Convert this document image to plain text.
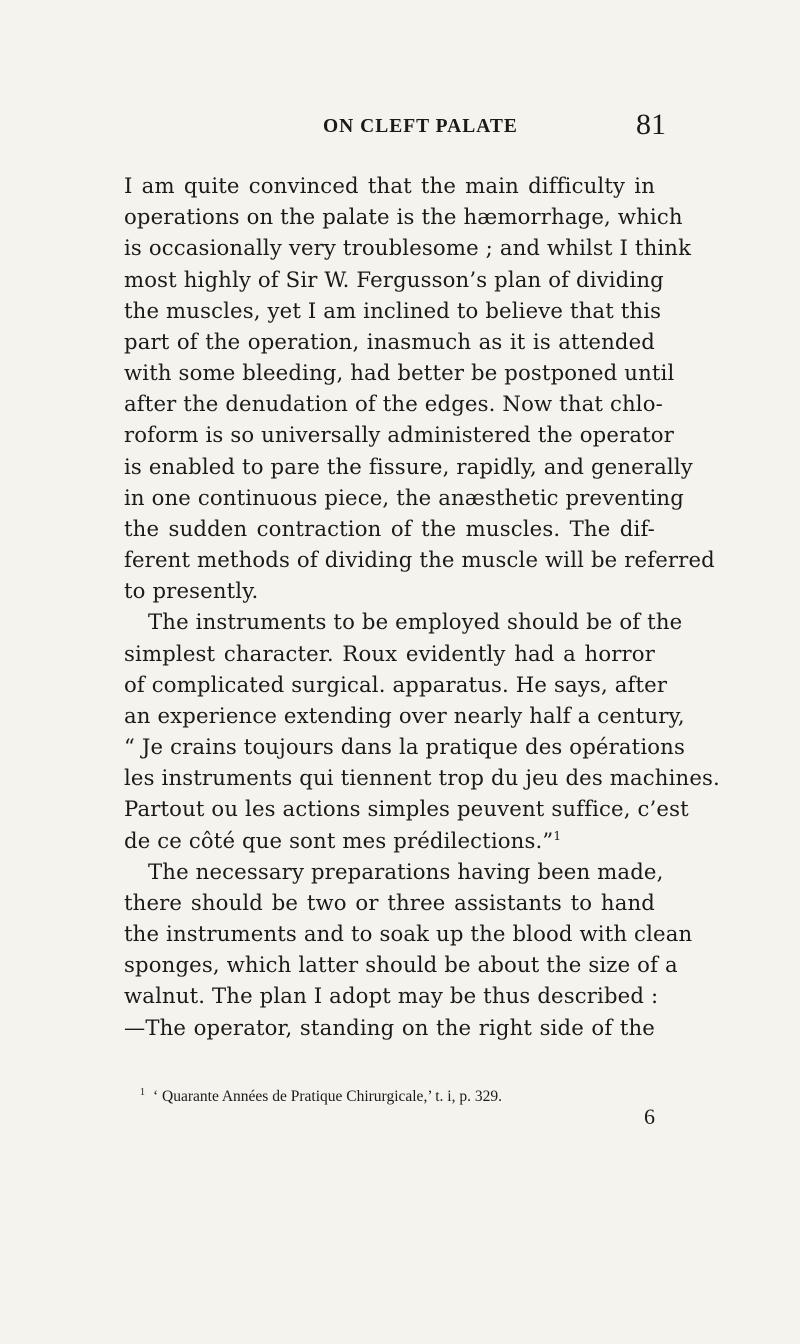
ON CLEFT PALATE	81
I am quite convinced that the main difficulty in
operations on the palate is the hæmorrhage, which
is occasionally very troublesome ; and whilst I think
most highly of Sir W. Fergusson’s plan of dividing
the muscles, yet I am inclined to believe that this
part of the operation, inasmuch as it is attended
with some bleeding, had better be postponed until
after the denudation of the edges. Now that chlo-
roform is so universally administered the operator
is enabled to pare the fissure, rapidly, and generally
in one continuous piece, the anæsthetic preventing
the sudden contraction of the muscles. The dif-
ferent methods of dividing the muscle will be referred
to presently.
The instruments to be employed should be of the
simplest character. Roux evidently had a horror
of complicated surgical. apparatus. He says, after
an experience extending over nearly half a century,
“ Je crains toujours dans la pratique des opérations
les instruments qui tiennent trop du jeu des machines.
Partout ou les actions simples peuvent suffice, c’est
de ce côté que sont mes prédilections.”$^1$
The necessary preparations having been made,
there should be two or three assistants to hand
the instruments and to soak up the blood with clean
sponges, which latter should be about the size of a
walnut. The plan I adopt may be thus described :
—The operator, standing on the right side of the
$^1$ ‘ Quarante Années de Pratique Chirurgicale,’ t. i, p. 329.
6
